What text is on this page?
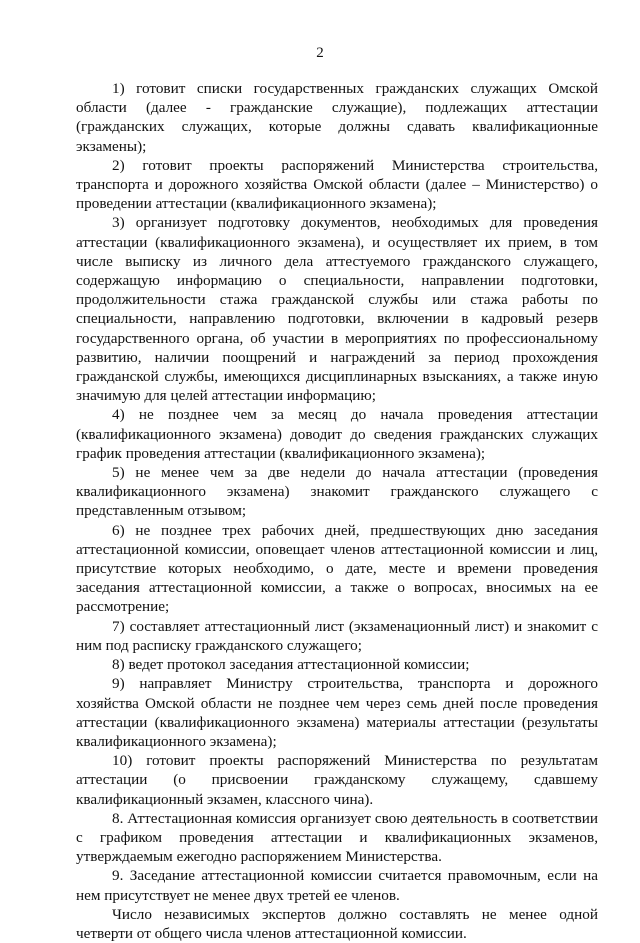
2

1) готовит списки государственных гражданских служащих Омской области (далее - гражданские служащие), подлежащих аттестации (гражданских служащих, которые должны сдавать квалификационные экзамены);

2) готовит проекты распоряжений Министерства строительства, транспорта и дорожного хозяйства Омской области (далее – Министерство) о проведении аттестации (квалификационного экзамена);

3) организует подготовку документов, необходимых для проведения аттестации (квалификационного экзамена), и осуществляет их прием, в том числе выписку из личного дела аттестуемого гражданского служащего, содержащую информацию о специальности, направлении подготовки, продолжительности стажа гражданской службы или стажа работы по специальности, направлению подготовки, включении в кадровый резерв государственного органа, об участии в мероприятиях по профессиональному развитию, наличии поощрений и награждений за период прохождения гражданской службы, имеющихся дисциплинарных взысканиях, а также иную значимую для целей аттестации информацию;

4) не позднее чем за месяц до начала проведения аттестации (квалификационного экзамена) доводит до сведения гражданских служащих график проведения аттестации (квалификационного экзамена);

5) не менее чем за две недели до начала аттестации (проведения квалификационного экзамена) знакомит гражданского служащего с представленным отзывом;

6) не позднее трех рабочих дней, предшествующих дню заседания аттестационной комиссии, оповещает членов аттестационной комиссии и лиц, присутствие которых необходимо, о дате, месте и времени проведения заседания аттестационной комиссии, а также о вопросах, вносимых на ее рассмотрение;

7) составляет аттестационный лист (экзаменационный лист) и знакомит с ним под расписку гражданского служащего;

8) ведет протокол заседания аттестационной комиссии;

9) направляет Министру строительства, транспорта и дорожного хозяйства Омской области не позднее чем через семь дней после проведения аттестации (квалификационного экзамена) материалы аттестации (результаты квалификационного экзамена);

10) готовит проекты распоряжений Министерства по результатам аттестации (о присвоении гражданскому служащему, сдавшему квалификационный экзамен, классного чина).

8. Аттестационная комиссия организует свою деятельность в соответствии с графиком проведения аттестации и квалификационных экзаменов, утверждаемым ежегодно распоряжением Министерства.

9. Заседание аттестационной комиссии считается правомочным, если на нем присутствует не менее двух третей ее членов.

Число независимых экспертов должно составлять не менее одной четверти от общего числа членов аттестационной комиссии.
